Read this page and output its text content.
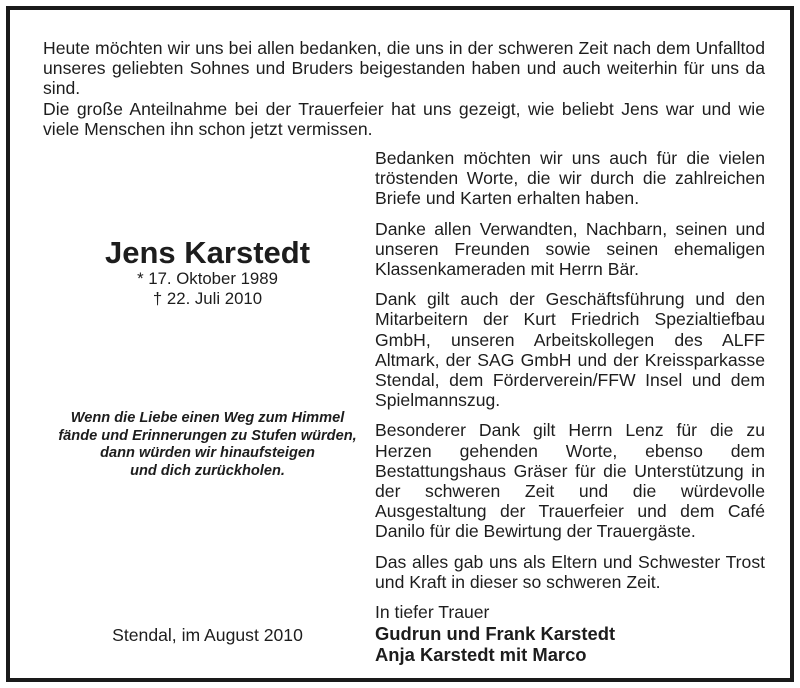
Heute möchten wir uns bei allen bedanken, die uns in der schweren Zeit nach dem Unfalltod unseres geliebten Sohnes und Bruders beigestanden haben und auch weiterhin für uns da sind.

Die große Anteilnahme bei der Trauerfeier hat uns gezeigt, wie beliebt Jens war und wie viele Menschen ihn schon jetzt vermissen.

Jens Karstedt
* 17. Oktober 1989
† 22. Juli 2010
Wenn die Liebe einen Weg zum Himmel
fände und Erinnerungen zu Stufen würden,
dann würden wir hinaufsteigen
und dich zurückholen.
Stendal, im August 2010

Bedanken möchten wir uns auch für die vielen tröstenden Worte, die wir durch die zahlreichen Briefe und Karten erhalten haben.

Danke allen Verwandten, Nachbarn, seinen und unseren Freunden sowie seinen ehemaligen Klassenkameraden mit Herrn Bär.

Dank gilt auch der Geschäftsführung und den Mitarbeitern der Kurt Friedrich Spezialtiefbau GmbH, unseren Arbeitskollegen des ALFF Altmark, der SAG GmbH und der Kreissparkasse Stendal, dem Förderverein/FFW Insel und dem Spielmannszug.

Besonderer Dank gilt Herrn Lenz für die zu Herzen gehenden Worte, ebenso dem Bestattungshaus Gräser für die Unterstützung in der schweren Zeit und die würdevolle Ausgestaltung der Trauerfeier und dem Café Danilo für die Bewirtung der Trauergäste.

Das alles gab uns als Eltern und Schwester Trost und Kraft in dieser so schweren Zeit.

In tiefer Trauer

Gudrun und Frank Karstedt
Anja Karstedt mit Marco
